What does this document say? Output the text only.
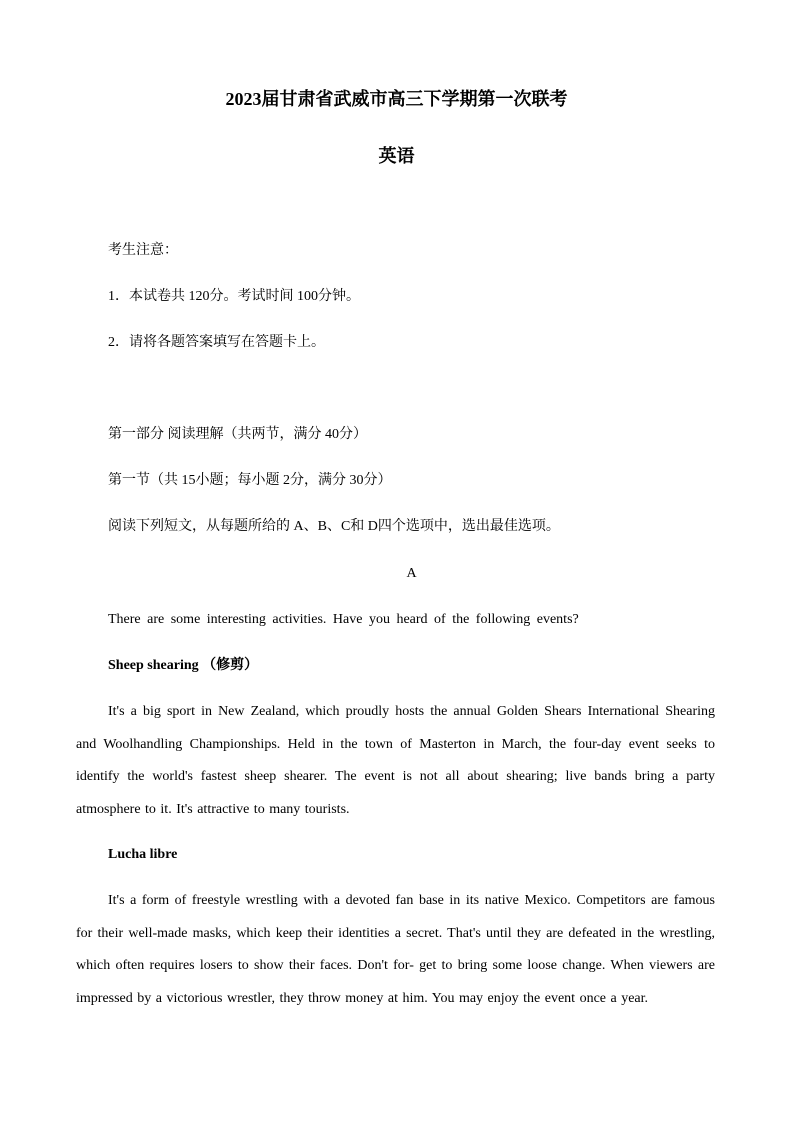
2023届甘肃省武威市高三下学期第一次联考
英语

考生注意：

1．本试卷共 120分。考试时间 100分钟。

2．请将各题答案填写在答题卡上。

第一部分 阅读理解（共两节，满分 40分）

第一节（共 15小题；每小题 2分，满分 30分）

阅读下列短文，从每题所给的 A、B、C和 D四个选项中，选出最佳选项。

A

There are some interesting activities. Have you heard of the following events?

Sheep shearing （修剪）

It's a big sport in New Zealand, which proudly hosts the annual Golden Shears International Shearing and Woolhandling Championships. Held in the town of Masterton in March, the four-day event seeks to identify the world's fastest sheep shearer. The event is not all about shearing; live bands bring a party atmosphere to it. It's attractive to many tourists.

Lucha libre

It's a form of freestyle wrestling with a devoted fan base in its native Mexico. Competitors are famous for their well-made masks, which keep their identities a secret. That's until they are defeated in the wrestling, which often requires losers to show their faces. Don't for- get to bring some loose change. When viewers are impressed by a victorious wrestler, they throw money at him. You may enjoy the event once a year.
